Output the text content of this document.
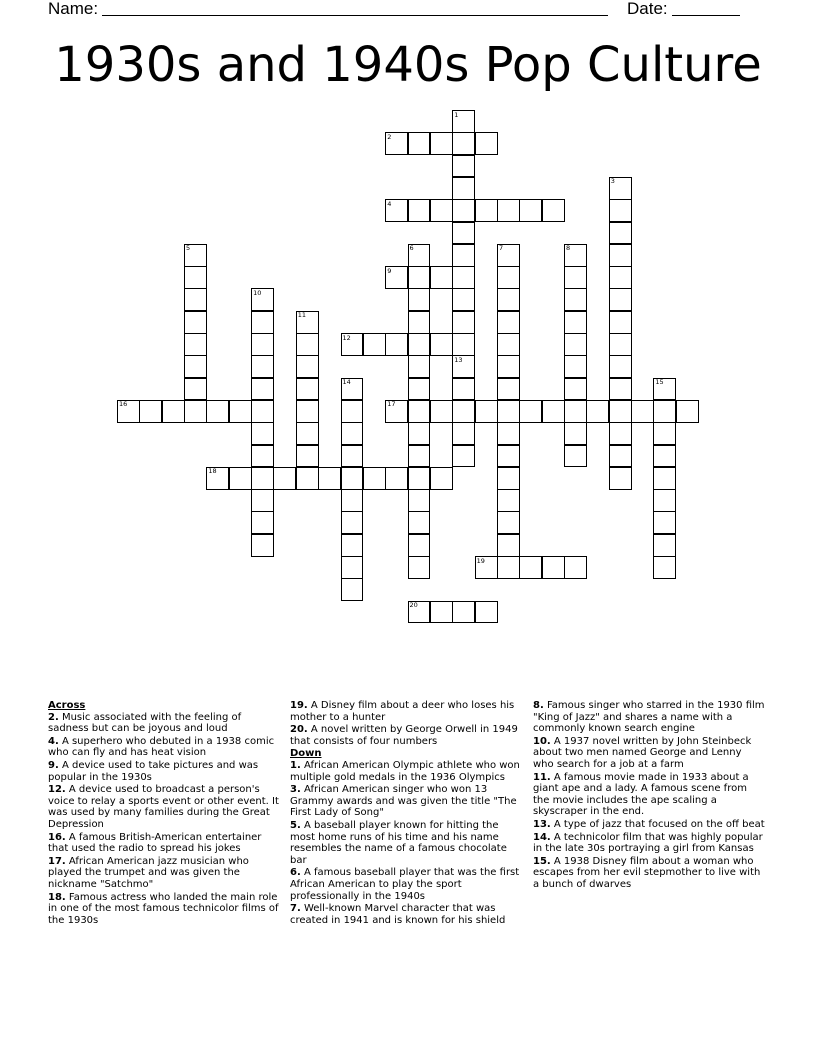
Name:	Date:
1930s and 1940s Pop Culture
2
4
9
12
16	17
18
19
20
1
3
5	6	7	8
10
11
13
14	15
Across
2. Music associated with the feeling of sadness but can be joyous and loud
4. A superhero who debuted in a 1938 comic who can fly and has heat vision
9. A device used to take pictures and was popular in the 1930s
12. A device used to broadcast a person's voice to relay a sports event or other event. It was used by many families during the Great Depression
16. A famous British-American entertainer that used the radio to spread his jokes
17. African American jazz musician who played the trumpet and was given the nickname "Satchmo"
18. Famous actress who landed the main role in one of the most famous technicolor films of the 1930s
19. A Disney film about a deer who loses his mother to a hunter
20. A novel written by George Orwell in 1949 that consists of four numbers
Down
1. African American Olympic athlete who won multiple gold medals in the 1936 Olympics
3. African American singer who won 13 Grammy awards and was given the title "The First Lady of Song"
5. A baseball player known for hitting the most home runs of his time and his name resembles the name of a famous chocolate bar
6. A famous baseball player that was the first African American to play the sport professionally in the 1940s
7. Well-known Marvel character that was created in 1941 and is known for his shield
8. Famous singer who starred in the 1930 film "King of Jazz" and shares a name with a commonly known search engine
10. A 1937 novel written by John Steinbeck about two men named George and Lenny who search for a job at a farm
11. A famous movie made in 1933 about a giant ape and a lady. A famous scene from the movie includes the ape scaling a skyscraper in the end.
13. A type of jazz that focused on the off beat
14. A technicolor film that was highly popular in the late 30s portraying a girl from Kansas
15. A 1938 Disney film about a woman who escapes from her evil stepmother to live with a bunch of dwarves
